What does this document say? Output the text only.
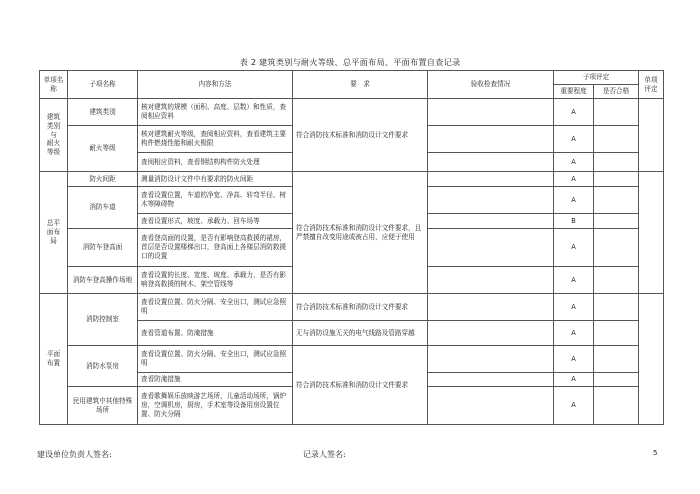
表 2 建筑类别与耐火等级、总平面布局、平面布置自查记录
单项名称	子项名称	内容和方法	要　求	验收检查情况	子项评定		单项评定
					重要程度	是否合格	

建筑
类别
与
耐火
等级	建筑类别	核对建筑的规模（面积、高度、层数）和性质，查阅相应资料	符合消防技术标准和消防设计文件要求		A		
	耐火等级	核对建筑耐火等级，查阅相应资料，查看建筑主要构件燃烧性能和耐火极限			A		
		查阅相应资料，查看钢结构构件防火处理			A		

总平
面布
局	防火间距	测量消防设计文件中有要求的防火间距	符合消防技术标准和消防设计文件要求，且严禁擅自改变用途或被占用，应便于使用		A		
	消防车道	查看设置位置，车道的净宽、净高、转弯半径、树木等障碍物			A		
		查看设置形式，坡度、承载力、回车场等			B		
	消防车登高面	查看登高面的设置，是否有影响登高救援的裙房，首层是否设置楼梯出口，登高面上各楼层消防救援口的设置			A		
	消防车登高操作场地	查看设置的长度、宽度、坡度、承载力，是否有影响登高救援的树木、架空管线等			A		

平面
布置	消防控制室	查看设置位置、防火分隔、安全出口，测试应急照明	符合消防技术标准和消防设计文件要求		A		
		查看管道布置、防淹措施	无与消防设施无关的电气线路及管路穿越		A		
	消防水泵房	查看设置位置、防火分隔、安全出口，测试应急照明	符合消防技术标准和消防设计文件要求		A		
		查看防淹措施			A		
	民用建筑中其他特殊场所	查看歌舞娱乐放映游艺场所，儿童活动场所，锅炉房，空调机房，厨房，手术室等设备用房设置位置、防火分隔			A		
建设单位负责人签名:	记录人签名:	5
